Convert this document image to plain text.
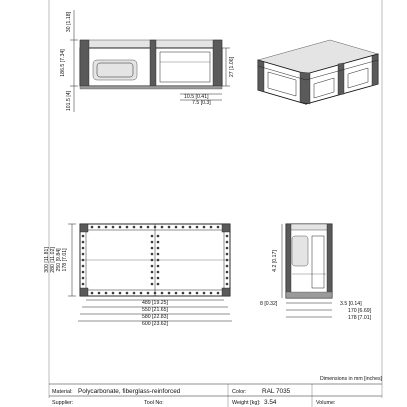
30 [1.18]
186.5 [7.34]
101.5 [4]
27 [1.06]
10.5 [0.41]
7.5 [0.3]
300 [11.81] 280 [11.02] 250 [9.84] 178 [7.01]
489 [19.25]
550 [21.65]
580 [22.83]
600 [23.62]
4.2 [0.17]
8 [0.32]	3.5 [0.14]
170 [6.69]
178 [7.01]
Dimensions in mm [inches]
Material: Polycarbonate, fiberglass-reinforced	Color: RAL 7035
Supplier:	Tool No:	Weight [kg]: 3.54	Volume:
